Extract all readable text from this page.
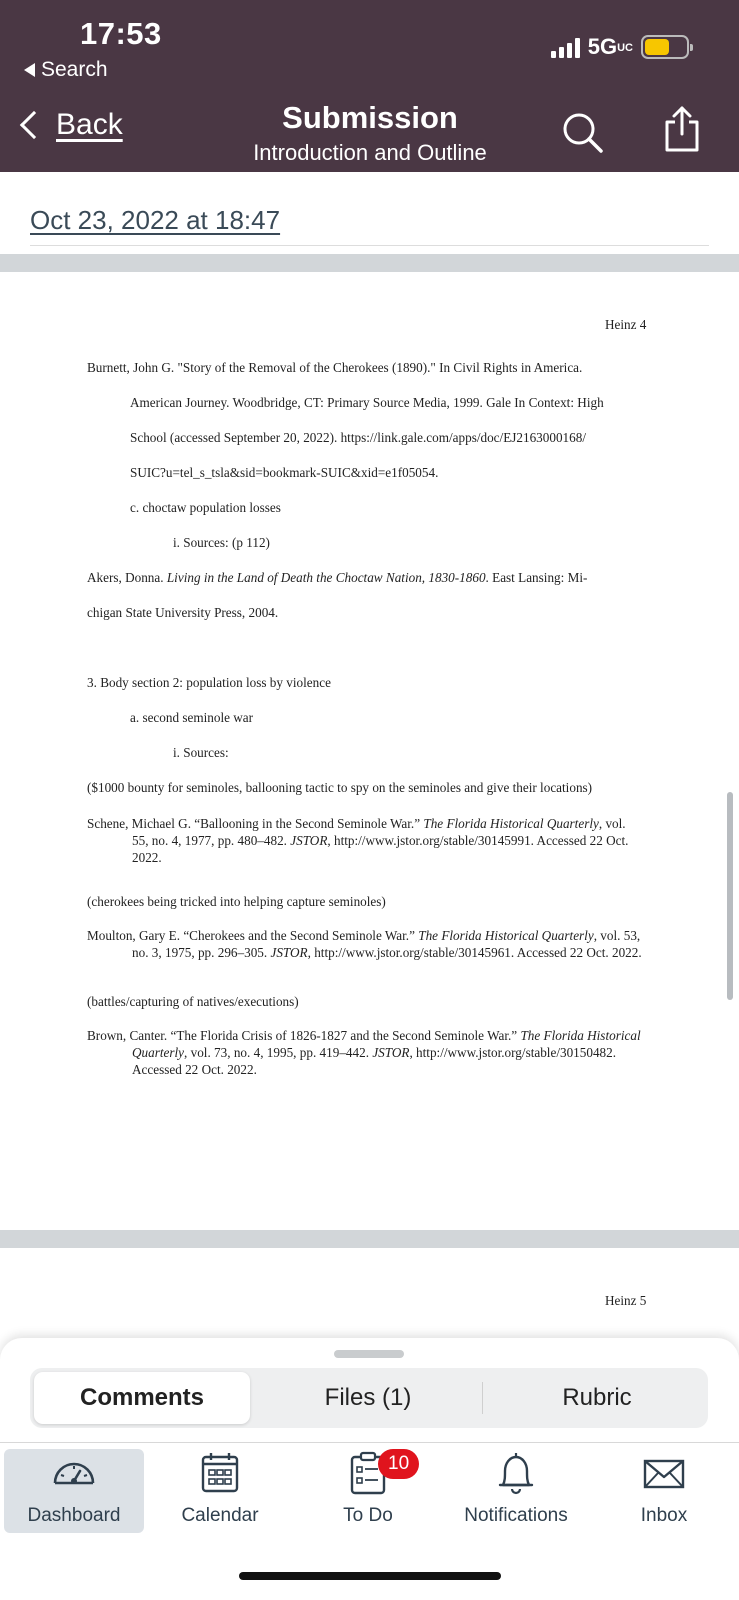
17:53
Search
5GUC
Back	Submission
Introduction and Outline
Oct 23, 2022 at 18:47
Heinz 4
Burnett, John G. "Story of the Removal of the Cherokees (1890)." In Civil Rights in America.
American Journey. Woodbridge, CT: Primary Source Media, 1999. Gale In Context: High
School (accessed September 20, 2022). https://link.gale.com/apps/doc/EJ2163000168/
SUIC?u=tel_s_tsla&sid=bookmark-SUIC&xid=e1f05054.
c. choctaw population losses
i. Sources: (p 112)
Akers, Donna. Living in the Land of Death the Choctaw Nation, 1830-1860. East Lansing: Mi-
chigan State University Press, 2004.
3. Body section 2: population loss by violence
a. second seminole war
i. Sources:
($1000 bounty for seminoles, ballooning tactic to spy on the seminoles and give their locations)
Schene, Michael G. “Ballooning in the Second Seminole War.” The Florida Historical Quarterly, vol. 55, no. 4, 1977, pp. 480–482. JSTOR, http://www.jstor.org/stable/30145991. Accessed 22 Oct. 2022.
(cherokees being tricked into helping capture seminoles)
Moulton, Gary E. “Cherokees and the Second Seminole War.” The Florida Historical Quarterly, vol. 53, no. 3, 1975, pp. 296–305. JSTOR, http://www.jstor.org/stable/30145961. Accessed 22 Oct. 2022.
(battles/capturing of natives/executions)
Brown, Canter. “The Florida Crisis of 1826-1827 and the Second Seminole War.” The Florida Historical Quarterly, vol. 73, no. 4, 1995, pp. 419–442. JSTOR, http://www.jstor.org/stable/30150482. Accessed 22 Oct. 2022.
Heinz 5
Comments	Files (1)	Rubric
Dashboard	Calendar	To Do
10
Notifications	Inbox
